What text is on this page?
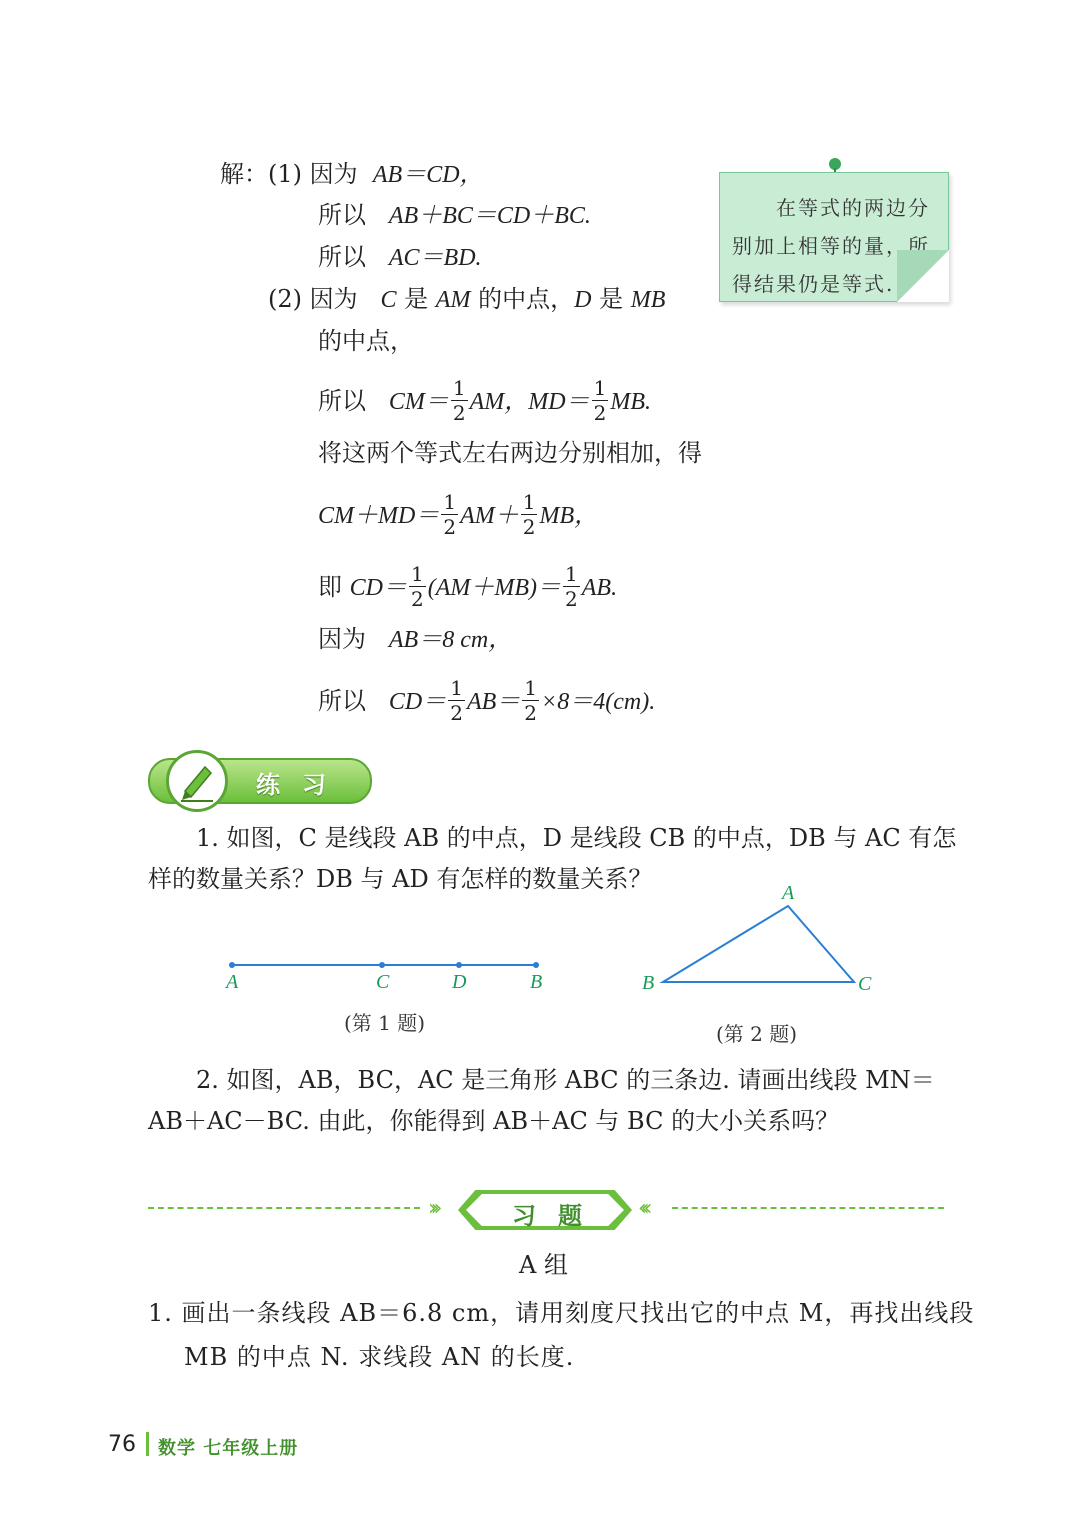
解：(1) 因为 AB＝CD，
所以 AB＋BC＝CD＋BC.
所以 AC＝BD.
(2) 因为 C 是 AM 的中点，D 是 MB
的中点，
所以 $CM= \frac{1}{2}$ AM，$MD= \frac{1}{2}$ MB.
将这两个等式左右两边分别相加，得
$CM+MD= \frac{1}{2} AM+ \frac{1}{2}$ MB，
即 $CD= \frac{1}{2} (AM+MB)= \frac{1}{2}$ AB.
因为 AB＝8 cm，
所以 $CD= \frac{1}{2} AB= \frac{1}{2} \times 8=4(cm)$.
在等式的两边分别加上相等的量，所得结果仍是等式.
练习
1. 如图，C 是线段 AB 的中点，D 是线段 CB 的中点，DB 与 AC 有怎
样的数量关系？DB 与 AD 有怎样的数量关系？
A	C	D	B
(第 1 题)
A
B	C
(第 2 题)
2. 如图，AB，BC，AC 是三角形 ABC 的三条边. 请画出线段 MN＝
AB＋AC－BC. 由此，你能得到 AB＋AC 与 BC 的大小关系吗？
›››	习题 ‹‹‹
A 组
1. 画出一条线段 AB＝6.8 cm，请用刻度尺找出它的中点 M，再找出线段
MB 的中点 N. 求线段 AN 的长度.
76 数学 七年级上册
